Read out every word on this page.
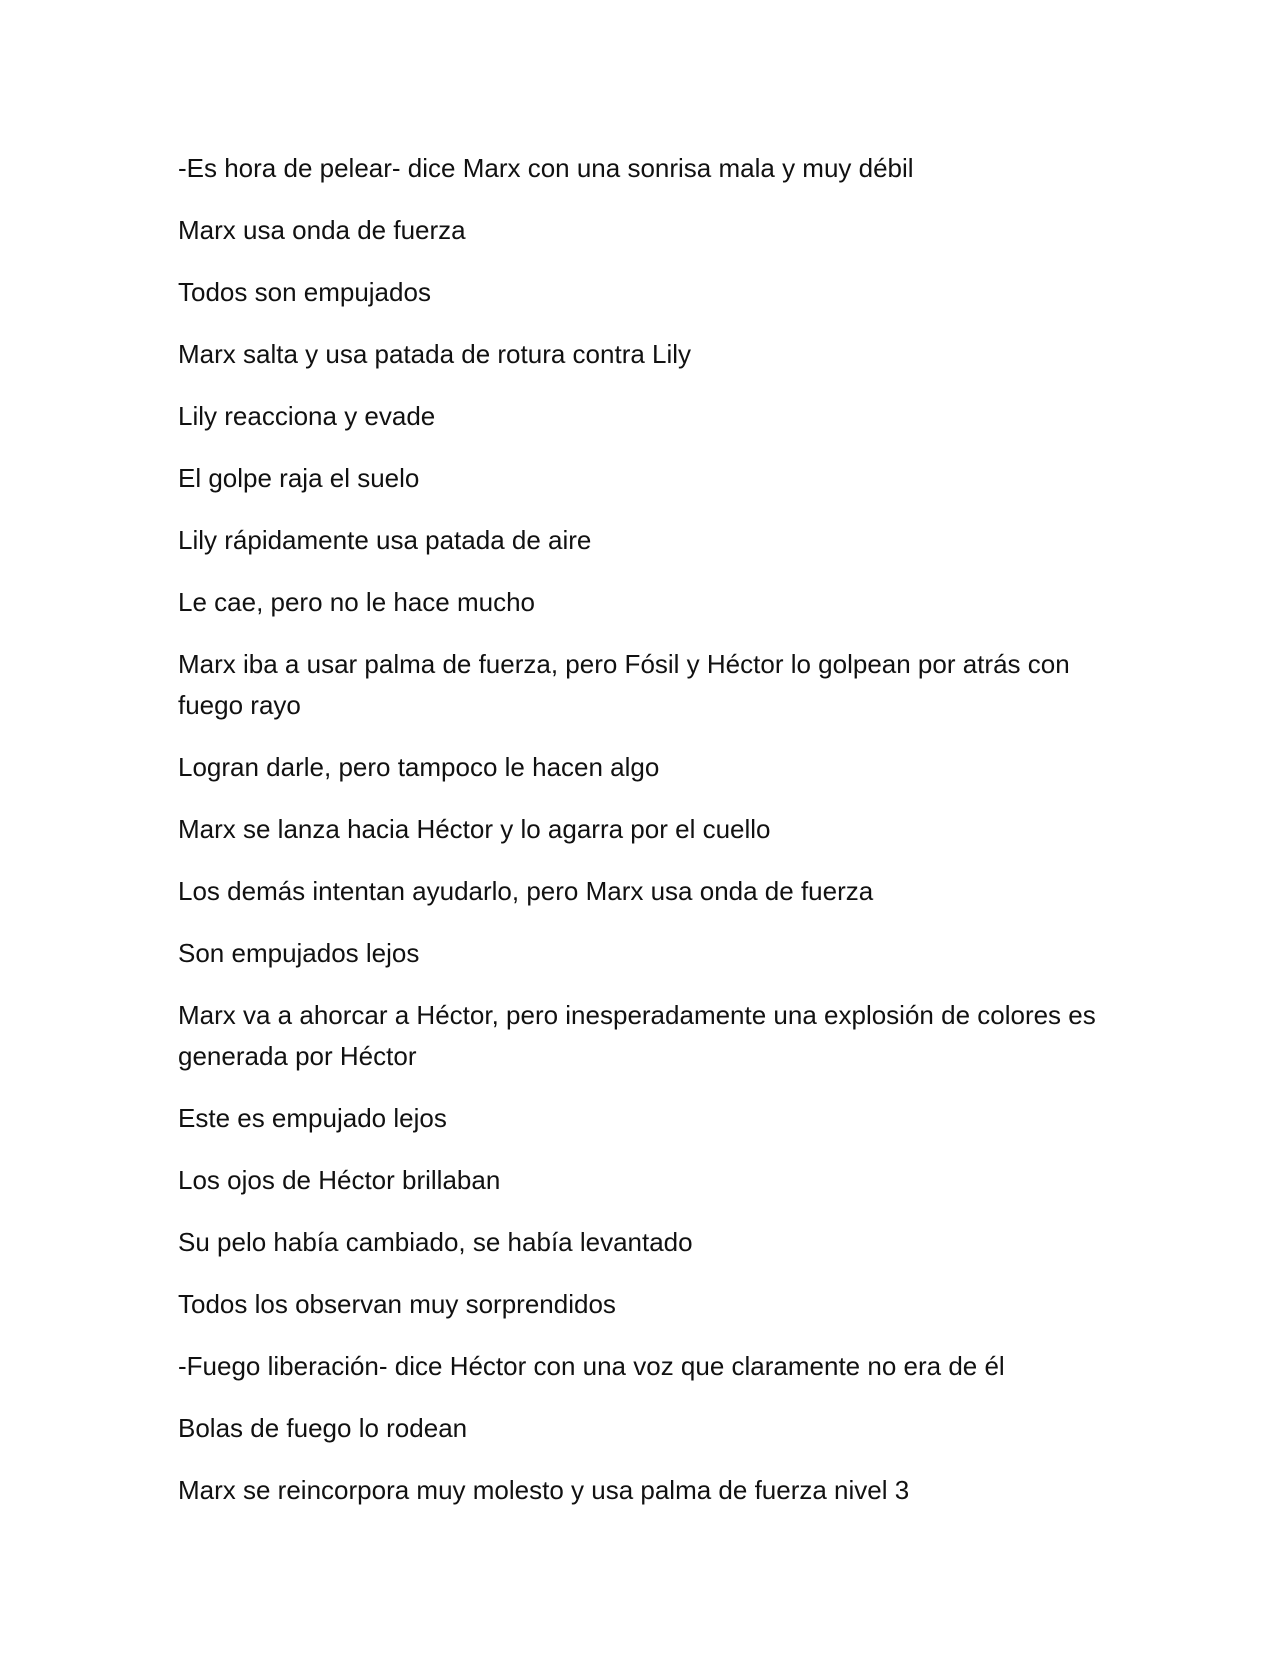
-Es hora de pelear- dice Marx con una sonrisa mala y muy débil

Marx usa onda de fuerza

Todos son empujados

Marx salta y usa patada de rotura contra Lily

Lily reacciona y evade

El golpe raja el suelo

Lily rápidamente usa patada de aire

Le cae, pero no le hace mucho

Marx iba a usar palma de fuerza, pero Fósil y Héctor lo golpean por atrás con fuego rayo

Logran darle, pero tampoco le hacen algo

Marx se lanza hacia Héctor y lo agarra por el cuello

Los demás intentan ayudarlo, pero Marx usa onda de fuerza

Son empujados lejos

Marx va a ahorcar a Héctor, pero inesperadamente una explosión de colores es generada por Héctor

Este es empujado lejos

Los ojos de Héctor brillaban

Su pelo había cambiado, se había levantado

Todos los observan muy sorprendidos

-Fuego liberación- dice Héctor con una voz que claramente no era de él

Bolas de fuego lo rodean

Marx se reincorpora muy molesto y usa palma de fuerza nivel 3
